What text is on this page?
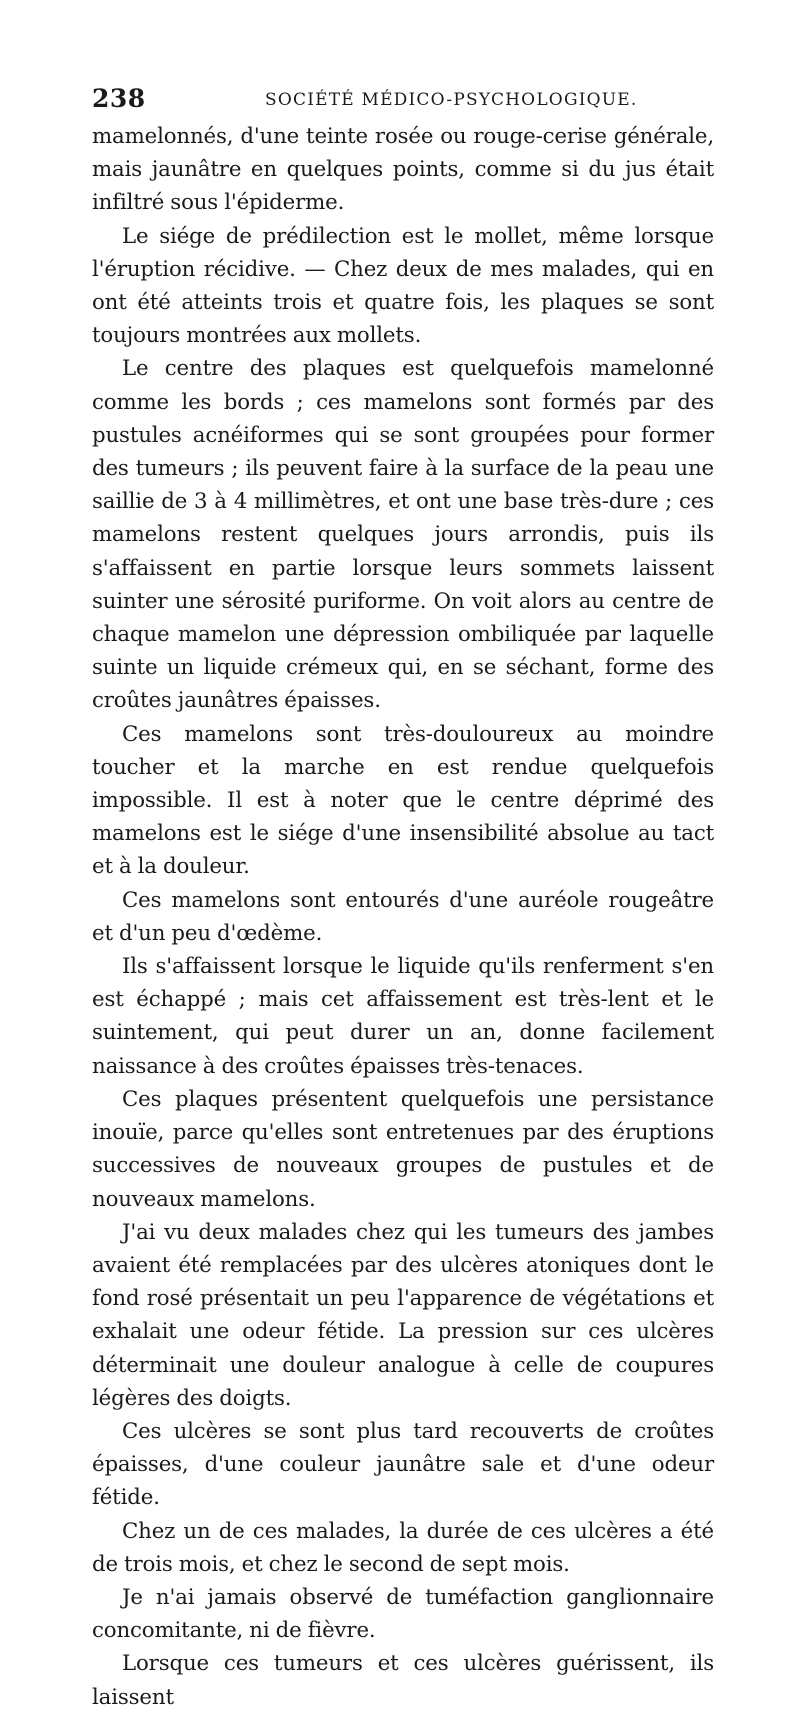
238	SOCIÉTÉ MÉDICO-PSYCHOLOGIQUE.

mamelonnés, d'une teinte rosée ou rouge-cerise générale, mais jaunâtre en quelques points, comme si du jus était infiltré sous l'épiderme.

Le siége de prédilection est le mollet, même lorsque l'éruption récidive. — Chez deux de mes malades, qui en ont été atteints trois et quatre fois, les plaques se sont toujours montrées aux mollets.

Le centre des plaques est quelquefois mamelonné comme les bords ; ces mamelons sont formés par des pustules acnéiformes qui se sont groupées pour former des tumeurs ; ils peuvent faire à la surface de la peau une saillie de 3 à 4 millimètres, et ont une base très-dure ; ces mamelons restent quelques jours arrondis, puis ils s'affaissent en partie lorsque leurs sommets laissent suinter une sérosité puriforme. On voit alors au centre de chaque mamelon une dépression ombiliquée par laquelle suinte un liquide crémeux qui, en se séchant, forme des croûtes jaunâtres épaisses.

Ces mamelons sont très-douloureux au moindre toucher et la marche en est rendue quelquefois impossible. Il est à noter que le centre déprimé des mamelons est le siége d'une insensibilité absolue au tact et à la douleur.

Ces mamelons sont entourés d'une auréole rougeâtre et d'un peu d'œdème.

Ils s'affaissent lorsque le liquide qu'ils renferment s'en est échappé ; mais cet affaissement est très-lent et le suintement, qui peut durer un an, donne facilement naissance à des croûtes épaisses très-tenaces.

Ces plaques présentent quelquefois une persistance inouïe, parce qu'elles sont entretenues par des éruptions successives de nouveaux groupes de pustules et de nouveaux mamelons.

J'ai vu deux malades chez qui les tumeurs des jambes avaient été remplacées par des ulcères atoniques dont le fond rosé présentait un peu l'apparence de végétations et exhalait une odeur fétide. La pression sur ces ulcères déterminait une douleur analogue à celle de coupures légères des doigts.

Ces ulcères se sont plus tard recouverts de croûtes épaisses, d'une couleur jaunâtre sale et d'une odeur fétide.

Chez un de ces malades, la durée de ces ulcères a été de trois mois, et chez le second de sept mois.

Je n'ai jamais observé de tuméfaction ganglionnaire concomitante, ni de fièvre.

Lorsque ces tumeurs et ces ulcères guérissent, ils laissent
